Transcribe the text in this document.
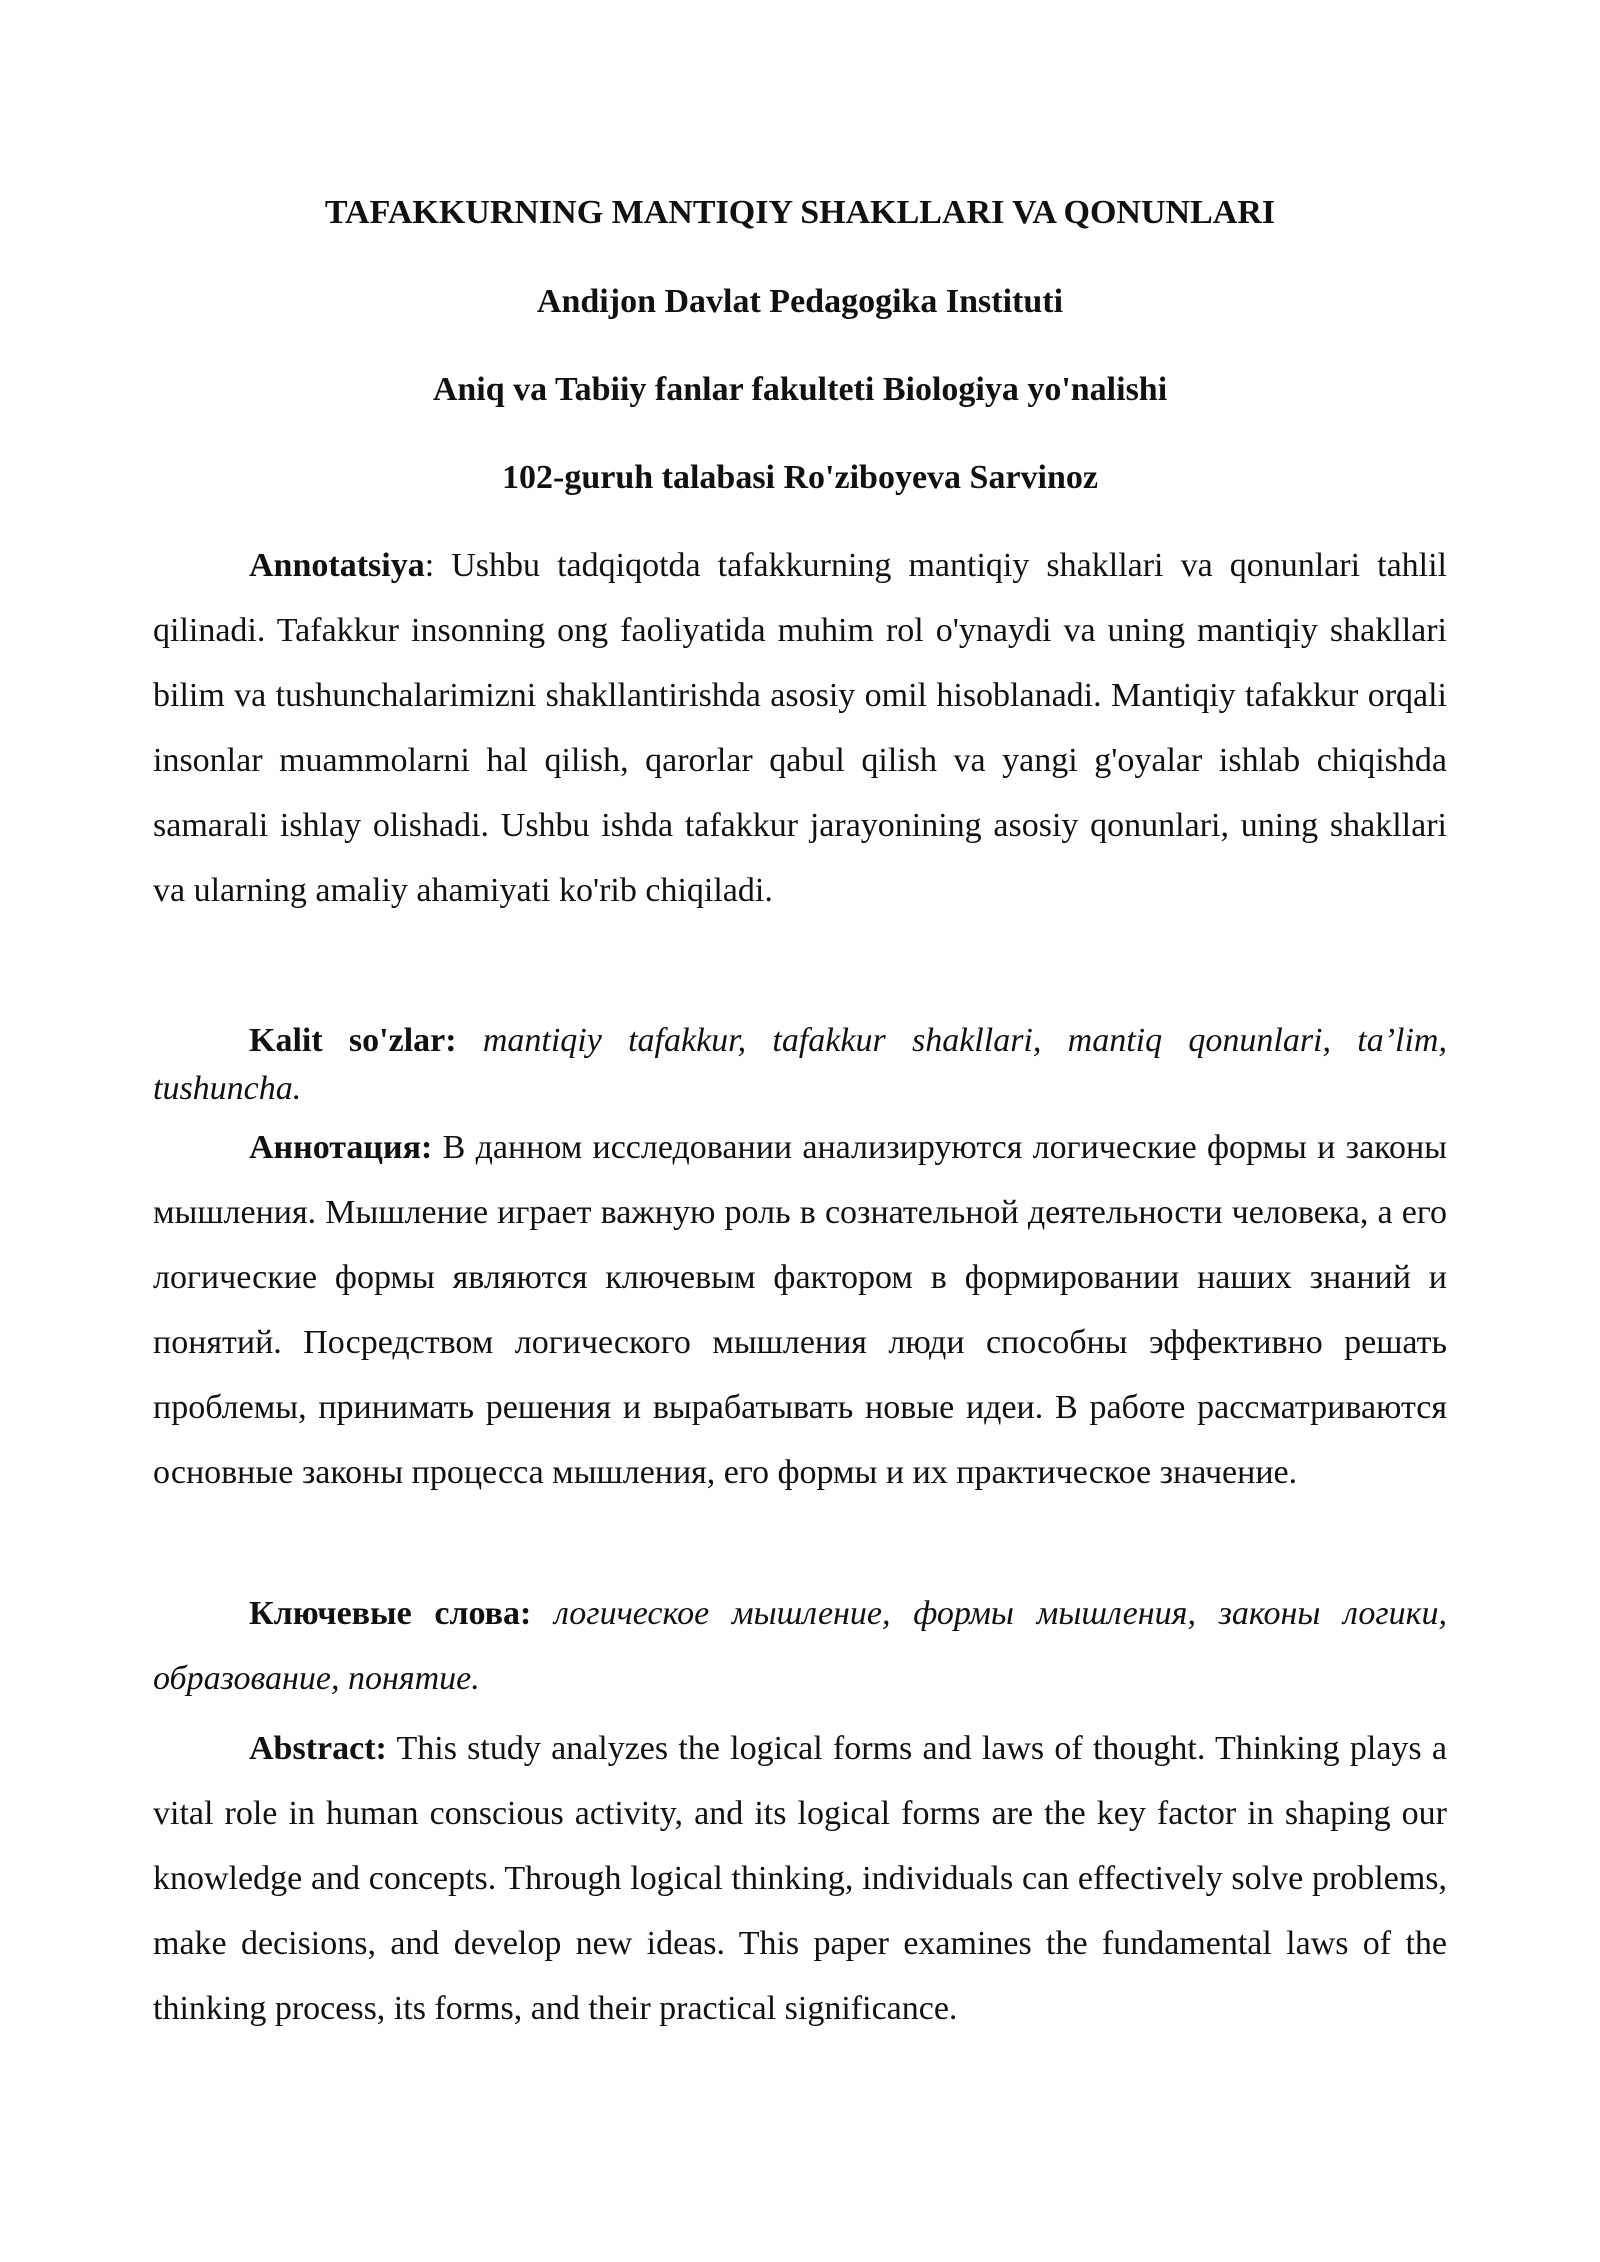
TAFAKKURNING MANTIQIY SHAKLLARI VA QONUNLARI

Andijon Davlat Pedagogika Instituti

Aniq va Tabiiy fanlar fakulteti Biologiya yo'nalishi

102-guruh talabasi Ro'ziboyeva Sarvinoz

Annotatsiya: Ushbu tadqiqotda tafakkurning mantiqiy shakllari va qonunlari tahlil qilinadi. Tafakkur insonning ong faoliyatida muhim rol o'ynaydi va uning mantiqiy shakllari bilim va tushunchalarimizni shakllantirishda asosiy omil hisoblanadi. Mantiqiy tafakkur orqali insonlar muammolarni hal qilish, qarorlar qabul qilish va yangi g'oyalar ishlab chiqishda samarali ishlay olishadi. Ushbu ishda tafakkur jarayonining asosiy qonunlari, uning shakllari va ularning amaliy ahamiyati ko'rib chiqiladi.

Kalit so'zlar: mantiqiy tafakkur, tafakkur shakllari, mantiq qonunlari, ta’lim, tushuncha.

Аннотация: В данном исследовании анализируются логические формы и законы мышления. Мышление играет важную роль в сознательной деятельности человека, а его логические формы являются ключевым фактором в формировании наших знаний и понятий. Посредством логического мышления люди способны эффективно решать проблемы, принимать решения и вырабатывать новые идеи. В работе рассматриваются основные законы процесса мышления, его формы и их практическое значение.

Ключевые слова: логическое мышление, формы мышления, законы логики, образование, понятие.

Abstract: This study analyzes the logical forms and laws of thought. Thinking plays a vital role in human conscious activity, and its logical forms are the key factor in shaping our knowledge and concepts. Through logical thinking, individuals can effectively solve problems, make decisions, and develop new ideas. This paper examines the fundamental laws of the thinking process, its forms, and their practical significance.
